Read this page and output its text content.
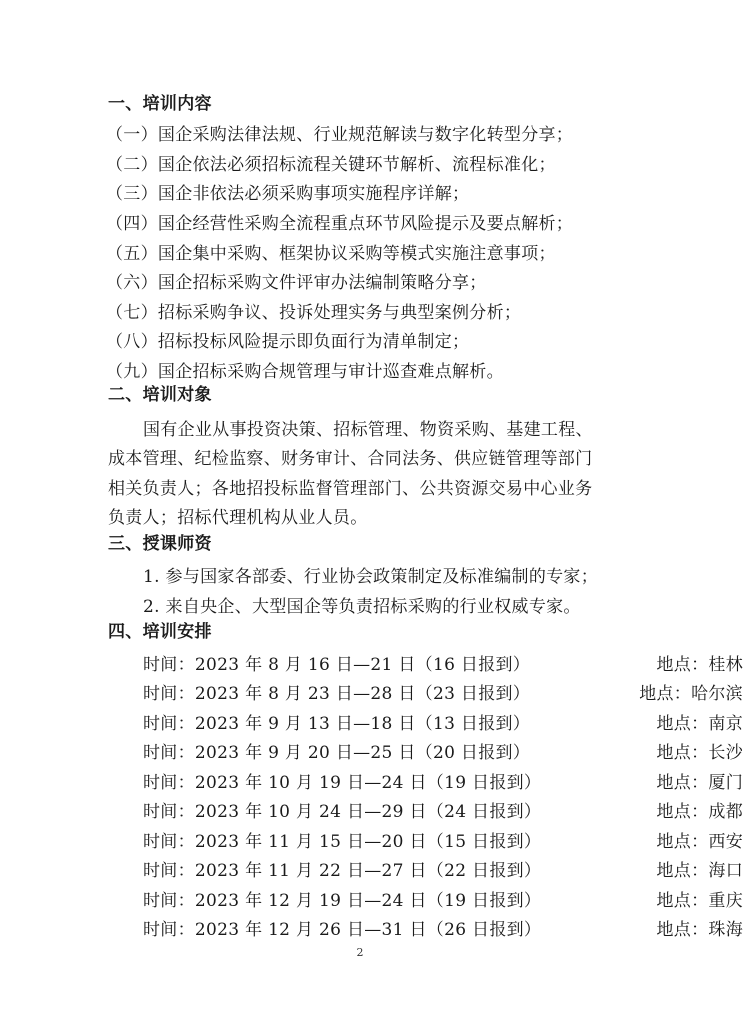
一、培训内容
（一）国企采购法律法规、行业规范解读与数字化转型分享；
（二）国企依法必须招标流程关键环节解析、流程标准化；
（三）国企非依法必须采购事项实施程序详解；
（四）国企经营性采购全流程重点环节风险提示及要点解析；
（五）国企集中采购、框架协议采购等模式实施注意事项；
（六）国企招标采购文件评审办法编制策略分享；
（七）招标采购争议、投诉处理实务与典型案例分析；
（八）招标投标风险提示即负面行为清单制定；
（九）国企招标采购合规管理与审计巡查难点解析。
二、培训对象
国有企业从事投资决策、招标管理、物资采购、基建工程、
成本管理、纪检监察、财务审计、合同法务、供应链管理等部门
相关负责人；各地招投标监督管理部门、公共资源交易中心业务
负责人；招标代理机构从业人员。
三、授课师资
1. 参与国家各部委、行业协会政策制定及标准编制的专家；
2. 来自央企、大型国企等负责招标采购的行业权威专家。
四、培训安排
时间：2023 年 8 月 16 日—21 日（16 日报到）	地点：桂林
时间：2023 年 8 月 23 日—28 日（23 日报到）	地点：哈尔滨
时间：2023 年 9 月 13 日—18 日（13 日报到）	地点：南京
时间：2023 年 9 月 20 日—25 日（20 日报到）	地点：长沙
时间：2023 年 10 月 19 日—24 日（19 日报到）	地点：厦门
时间：2023 年 10 月 24 日—29 日（24 日报到）	地点：成都
时间：2023 年 11 月 15 日—20 日（15 日报到）	地点：西安
时间：2023 年 11 月 22 日—27 日（22 日报到）	地点：海口
时间：2023 年 12 月 19 日—24 日（19 日报到）	地点：重庆
时间：2023 年 12 月 26 日—31 日（26 日报到）	地点：珠海
2
